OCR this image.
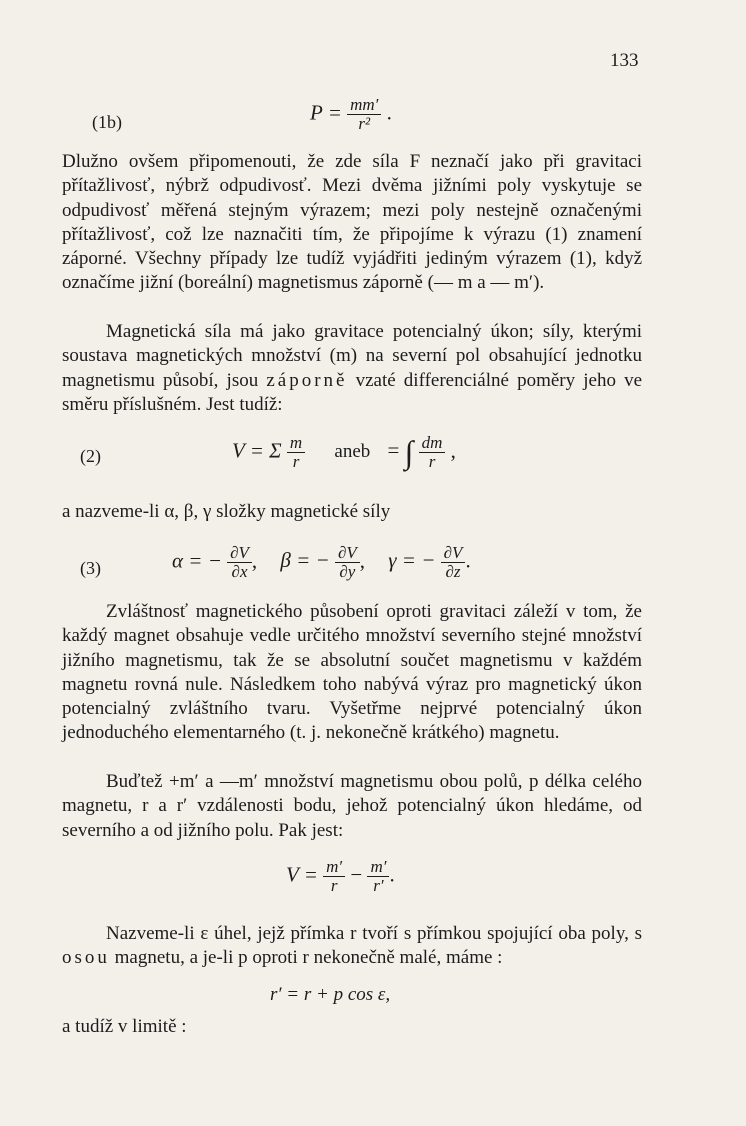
133
(1b)	$P = \frac{mm'}{\text{r²}}$ .
Dlužno ovšem připomenouti, že zde síla F neznačí jako při gravitaci přítažlivosť, nýbrž odpudivosť. Mezi dvěma jižními poly vyskytuje se odpudivosť měřená stejným výrazem; mezi poly nestejně označenými přítažlivosť, což lze naznačiti tím, že připojíme k výrazu (1) znamení záporné. Všechny případy lze tudíž vyjádřiti jediným výrazem (1), když označíme jižní (boreální) magnetismus záporně (— m a — m′).
Magnetická síla má jako gravitace potencialný úkon; síly, kterými soustava magnetických množství (m) na severní pol obsahující jednotku magnetismu působí, jsou záporně vzaté differenciálné poměry jeho ve směru příslušném. Jest tudíž:
(2)	V = Σ $\frac{m}{r}$ aneb = ∫ $\frac{dm}{r}$ ,
a nazveme-li α, β, γ složky magnetické síly
(3)	α = − $\frac{\partial V}{\partial x}$ , β = − $\frac{\partial V}{\partial y}$ , γ = − $\frac{\partial V}{\partial z}$ .
Zvláštnosť magnetického působení oproti gravitaci záleží v tom, že každý magnet obsahuje vedle určitého množství severního stejné množství jižního magnetismu, tak že se absolutní součet magnetismu v každém magnetu rovná nule. Následkem toho nabývá výraz pro magnetický úkon potencialný zvláštního tvaru. Vyšetřme nejprvé potencialný úkon jednoduchého elementarného (t. j. nekonečně krátkého) magnetu.
Buďtež +m′ a —m′ množství magnetismu obou polů, p délka celého magnetu, r a r′ vzdálenosti bodu, jehož potencialný úkon hledáme, od severního a od jižního polu. Pak jest:
$V = \frac{m'}{r} - \frac{m'}{r'}$ .
Nazveme-li ε úhel, jejž přímka r tvoří s přímkou spojující oba poly, s osou magnetu, a je-li p oproti r nekonečně malé, máme :
r′ = r + p cos ε,
a tudíž v limitě :
